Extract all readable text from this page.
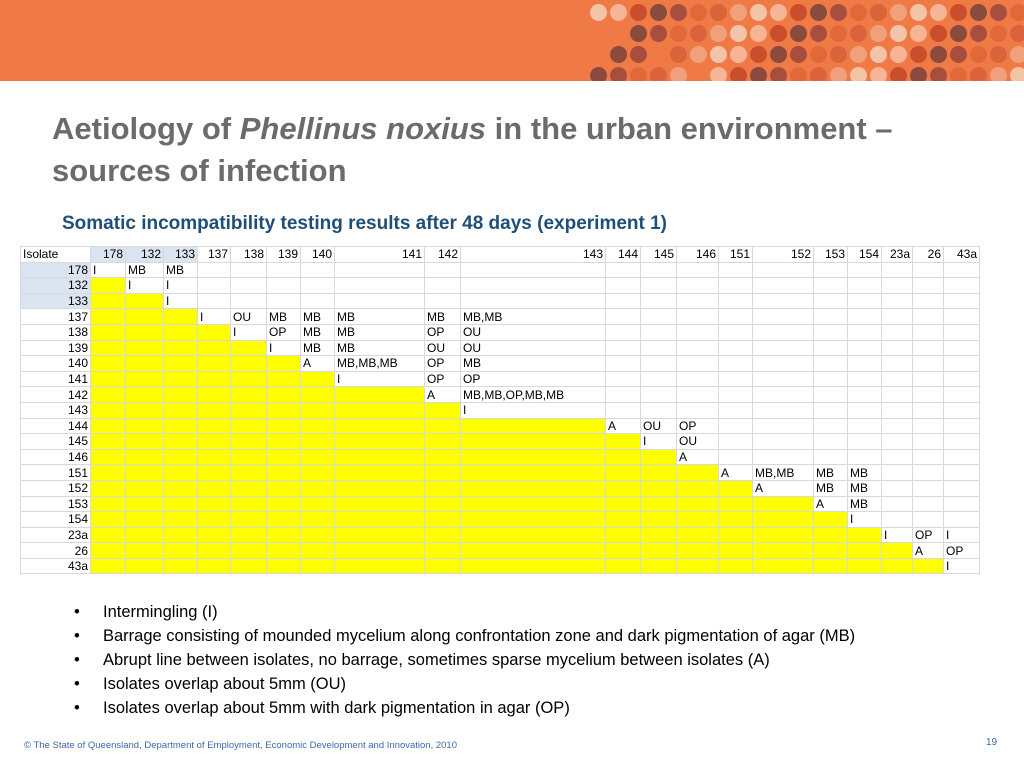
Aetiology of Phellinus noxius in the urban environment – sources of infection
Somatic incompatibility testing results after 48 days (experiment 1)
Isolate	178	132	133	137	138	139	140	141	142	143	144	145	146	151	152	153	154	23a	26	43a
178	I	MB	MB																	
132		I	I																	
133			I																	
137				I	OU	MB	MB	MB	MB	MB,MB										
138					I	OP	MB	MB	OP	OU										
139						I	MB	MB	OU	OU										
140							A	MB,MB,MB	OP	MB										
141								I	OP	OP										
142									A	MB,MB,OP,MB,MB										
143										I										
144											A	OU	OP							
145												I	OU							
146													A							
151														A	MB,MB	MB	MB			
152															A	MB	MB			
153																A	MB			
154																	I			
23a																		I	OP	I
26																			A	OP
43a																				I
• Intermingling (I)
• Barrage consisting of mounded mycelium along confrontation zone and dark pigmentation of agar (MB)
• Abrupt line between isolates, no barrage, sometimes sparse mycelium between isolates (A)
• Isolates overlap about 5mm (OU)
• Isolates overlap about 5mm with dark pigmentation in agar (OP)
© The State of Queensland, Department of Employment, Economic Development and Innovation, 2010	19
